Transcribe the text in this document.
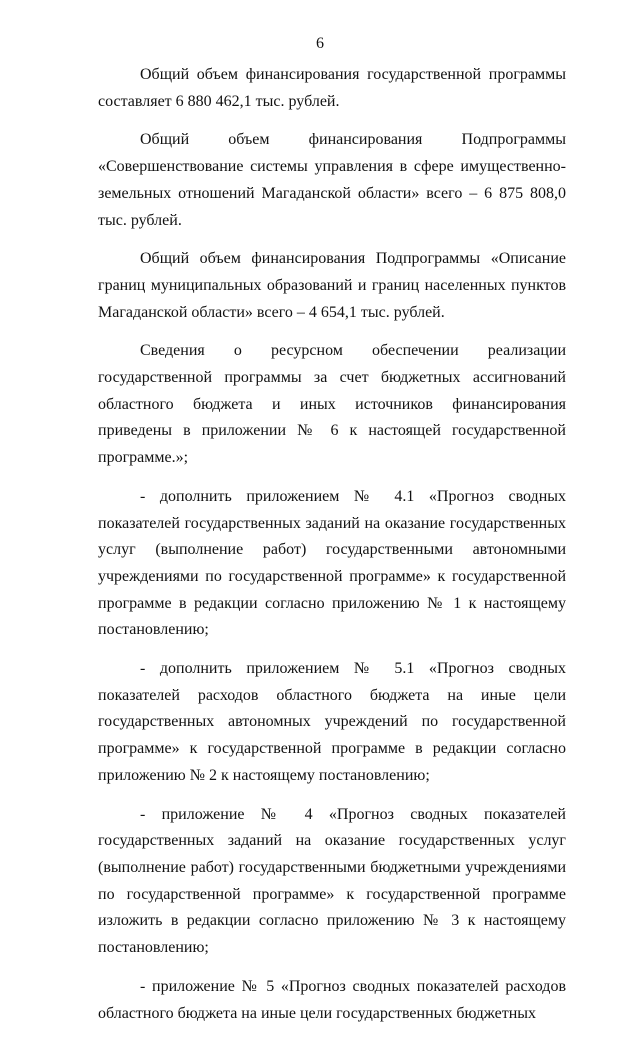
6

Общий объем финансирования государственной программы составляет 6 880 462,1 тыс. рублей.

Общий объем финансирования Подпрограммы «Совершенствование системы управления в сфере имущественно-земельных отношений Магаданской области» всего – 6 875 808,0 тыс. рублей.

Общий объем финансирования Подпрограммы «Описание границ муниципальных образований и границ населенных пунктов Магаданской области» всего – 4 654,1 тыс. рублей.

Сведения о ресурсном обеспечении реализации государственной программы за счет бюджетных ассигнований областного бюджета и иных источников финансирования приведены в приложении № 6 к настоящей государственной программе.»;

- дополнить приложением № 4.1 «Прогноз сводных показателей государственных заданий на оказание государственных услуг (выполнение работ) государственными автономными учреждениями по государственной программе» к государственной программе в редакции согласно приложению № 1 к настоящему постановлению;

- дополнить приложением № 5.1 «Прогноз сводных показателей расходов областного бюджета на иные цели государственных автономных учреждений по государственной программе» к государственной программе в редакции согласно приложению № 2 к настоящему постановлению;

- приложение № 4 «Прогноз сводных показателей государственных заданий на оказание государственных услуг (выполнение работ) государственными бюджетными учреждениями по государственной программе» к государственной программе изложить в редакции согласно приложению № 3 к настоящему постановлению;

- приложение № 5 «Прогноз сводных показателей расходов областного бюджета на иные цели государственных бюджетных
